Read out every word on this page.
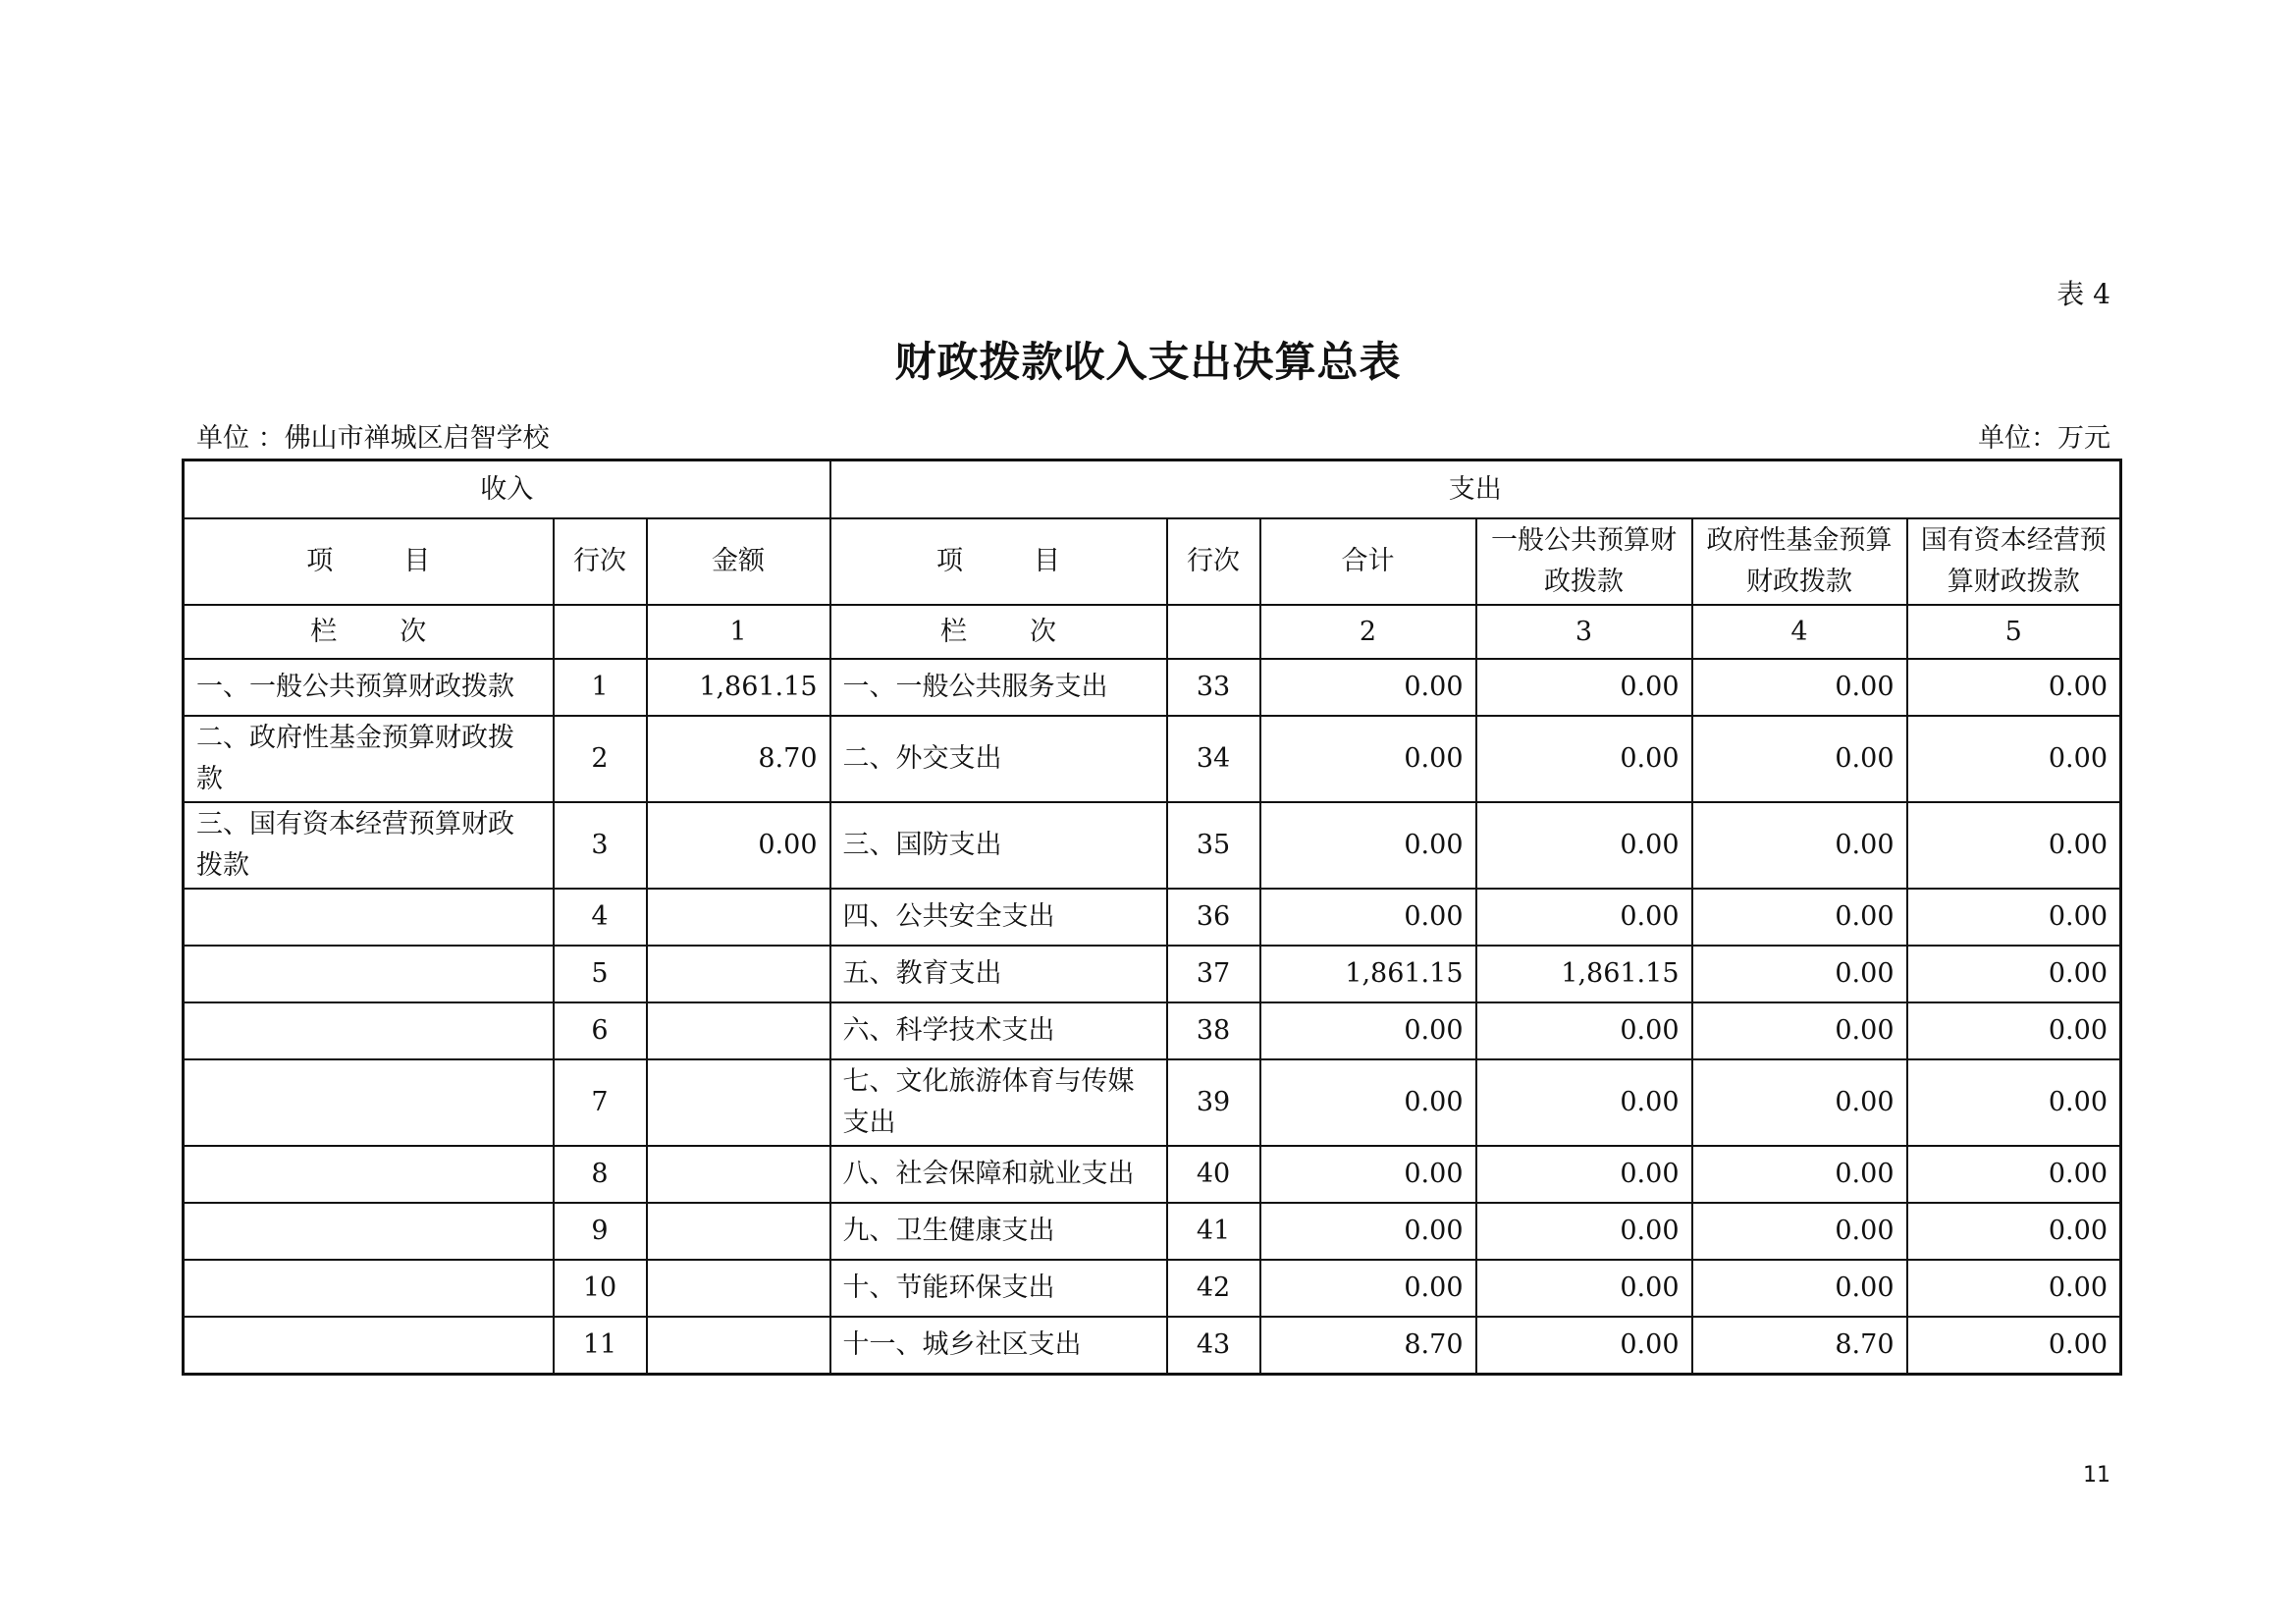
表 4
财政拨款收入支出决算总表
单位 ：佛山市禅城区启智学校	单位：万元
收入			支出					
项 目	行次	金额	项 目	行次	合计	一般公共预算财政拨款	政府性基金预算财政拨款	国有资本经营预算财政拨款
栏 次		1	栏 次		2	3	4	5
一、一般公共预算财政拨款	1	1,861.15	一、一般公共服务支出	33	0.00	0.00	0.00	0.00
二、政府性基金预算财政拨款	2	8.70	二、外交支出	34	0.00	0.00	0.00	0.00
三、国有资本经营预算财政拨款	3	0.00	三、国防支出	35	0.00	0.00	0.00	0.00
	4		四、公共安全支出	36	0.00	0.00	0.00	0.00
	5		五、教育支出	37	1,861.15	1,861.15	0.00	0.00
	6		六、科学技术支出	38	0.00	0.00	0.00	0.00
	7		七、文化旅游体育与传媒支出	39	0.00	0.00	0.00	0.00
	8		八、社会保障和就业支出	40	0.00	0.00	0.00	0.00
	9		九、卫生健康支出	41	0.00	0.00	0.00	0.00
	10		十、节能环保支出	42	0.00	0.00	0.00	0.00
	11		十一、城乡社区支出	43	8.70	0.00	8.70	0.00
11
